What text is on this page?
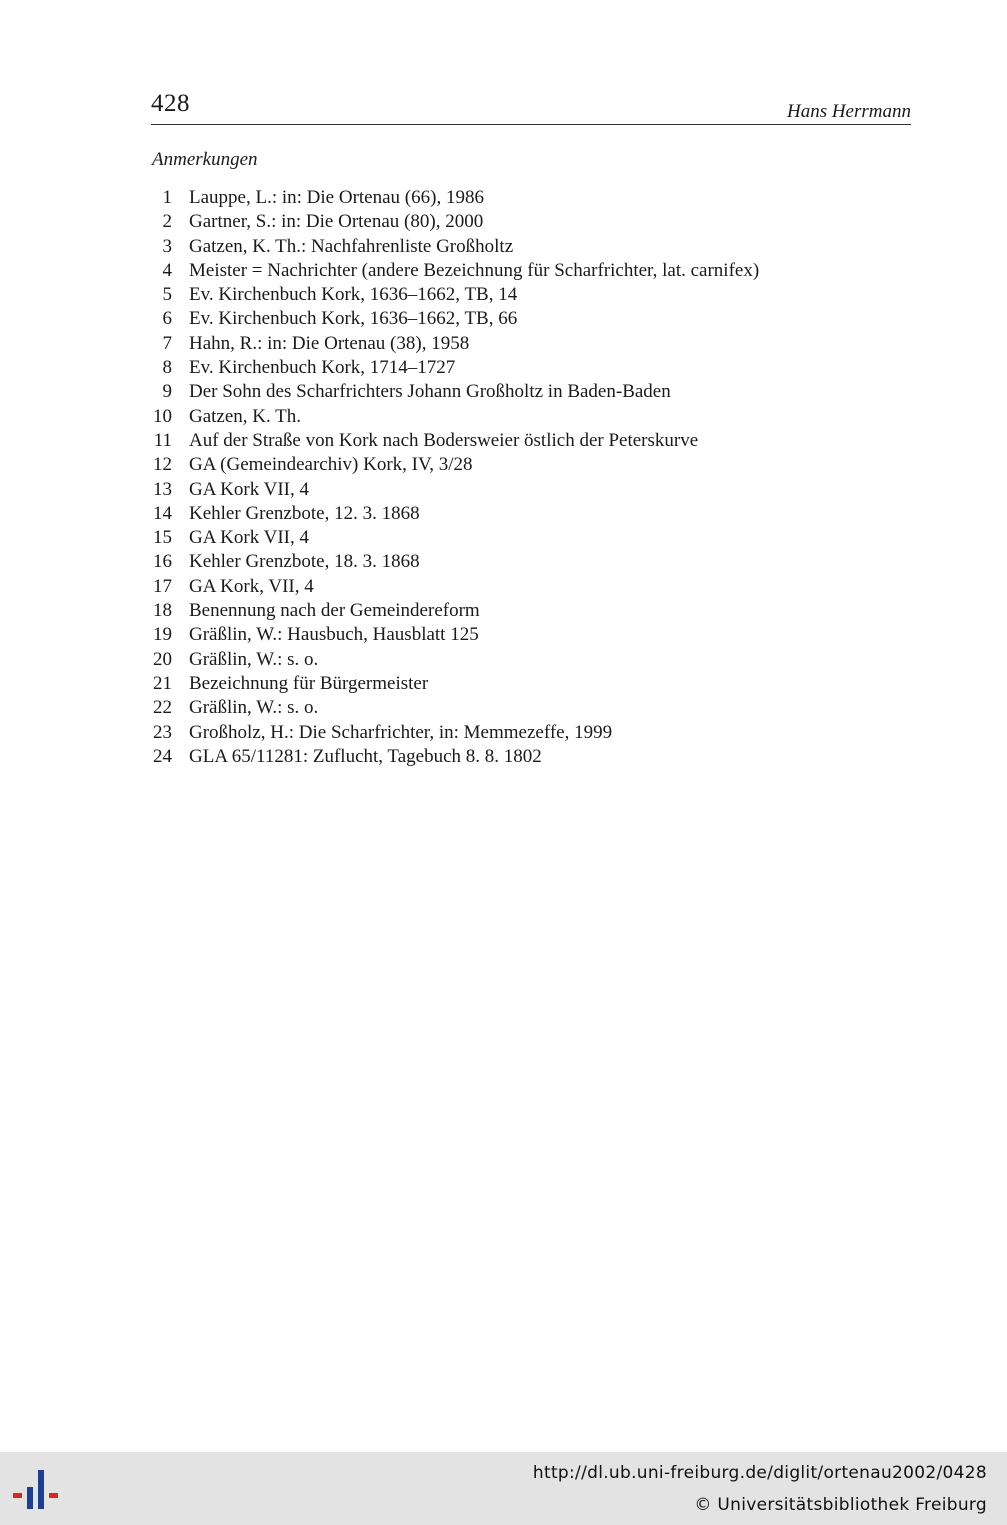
428	Hans Herrmann
Anmerkungen
1 Lauppe, L.: in: Die Ortenau (66), 1986
2 Gartner, S.: in: Die Ortenau (80), 2000
3 Gatzen, K. Th.: Nachfahrenliste Großholtz
4 Meister = Nachrichter (andere Bezeichnung für Scharfrichter, lat. carnifex)
5 Ev. Kirchenbuch Kork, 1636–1662, TB, 14
6 Ev. Kirchenbuch Kork, 1636–1662, TB, 66
7 Hahn, R.: in: Die Ortenau (38), 1958
8 Ev. Kirchenbuch Kork, 1714–1727
9 Der Sohn des Scharfrichters Johann Großholtz in Baden-Baden
10 Gatzen, K. Th.
11 Auf der Straße von Kork nach Bodersweier östlich der Peterskurve
12 GA (Gemeindearchiv) Kork, IV, 3/28
13 GA Kork VII, 4
14 Kehler Grenzbote, 12. 3. 1868
15 GA Kork VII, 4
16 Kehler Grenzbote, 18. 3. 1868
17 GA Kork, VII, 4
18 Benennung nach der Gemeindereform
19 Gräßlin, W.: Hausbuch, Hausblatt 125
20 Gräßlin, W.: s. o.
21 Bezeichnung für Bürgermeister
22 Gräßlin, W.: s. o.
23 Großholz, H.: Die Scharfrichter, in: Memmezeffe, 1999
24 GLA 65/11281: Zuflucht, Tagebuch 8. 8. 1802
http://dl.ub.uni-freiburg.de/diglit/ortenau2002/0428
© Universitätsbibliothek Freiburg
